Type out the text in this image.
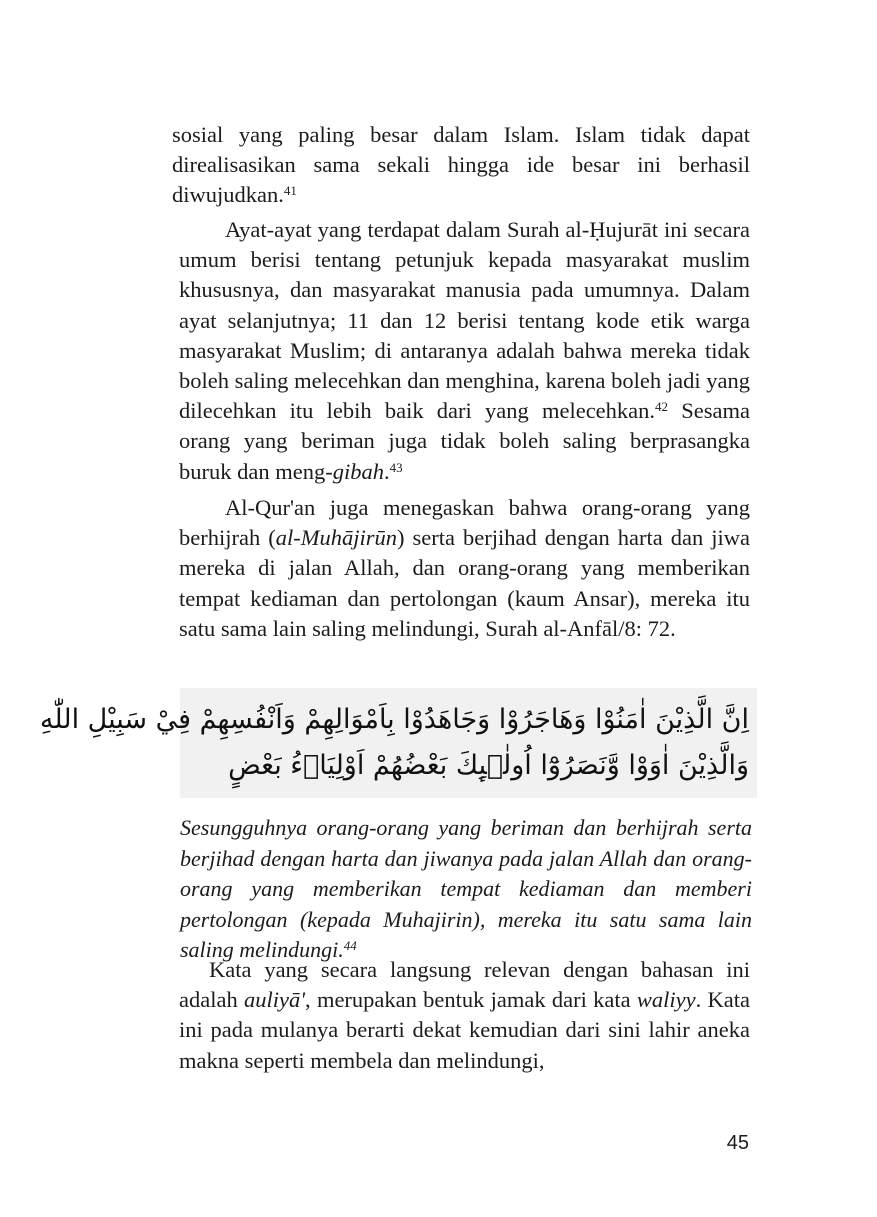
sosial yang paling besar dalam Islam. Islam tidak dapat direalisasikan sama sekali hingga ide besar ini berhasil diwujudkan.$^{41}$

Ayat-ayat yang terdapat dalam Surah al-Ḥujurāt ini secara umum berisi tentang petunjuk kepada masyarakat muslim khususnya, dan masyarakat manusia pada umumnya. Dalam ayat selanjutnya; 11 dan 12 berisi tentang kode etik warga masyarakat Muslim; di antaranya adalah bahwa mereka tidak boleh saling melecehkan dan menghina, karena boleh jadi yang dilecehkan itu lebih baik dari yang melecehkan.$^{42}$ Sesama orang yang beriman juga tidak boleh saling berprasangka buruk dan meng-gibah.$^{43}$

Al-Qur'an juga menegaskan bahwa orang-orang yang berhijrah (al-Muhājirūn) serta berjihad dengan harta dan jiwa mereka di jalan Allah, dan orang-orang yang memberikan tempat kediaman dan pertolongan (kaum Ansar), mereka itu satu sama lain saling melindungi, Surah al-Anfāl/8: 72.

اِنَّ الَّذِيْنَ اٰمَنُوْا وَهَاجَرُوْا وَجَاهَدُوْا بِاَمْوَالِهِمْ وَاَنْفُسِهِمْ فِيْ سَبِيْلِ اللّٰهِ
وَالَّذِيْنَ اٰوَوْا وَّنَصَرُوْٓا اُولٰۤىِٕكَ بَعْضُهُمْ اَوْلِيَاۤءُ بَعْضٍ

Sesungguhnya orang-orang yang beriman dan berhijrah serta berjihad dengan harta dan jiwanya pada jalan Allah dan orang-orang yang memberikan tempat kediaman dan memberi pertolongan (kepada Muhajirin), mereka itu satu sama lain saling melindungi.$^{44}$

Kata yang secara langsung relevan dengan bahasan ini adalah auliyā', merupakan bentuk jamak dari kata waliyy. Kata ini pada mulanya berarti dekat kemudian dari sini lahir aneka makna seperti membela dan melindungi,

45
